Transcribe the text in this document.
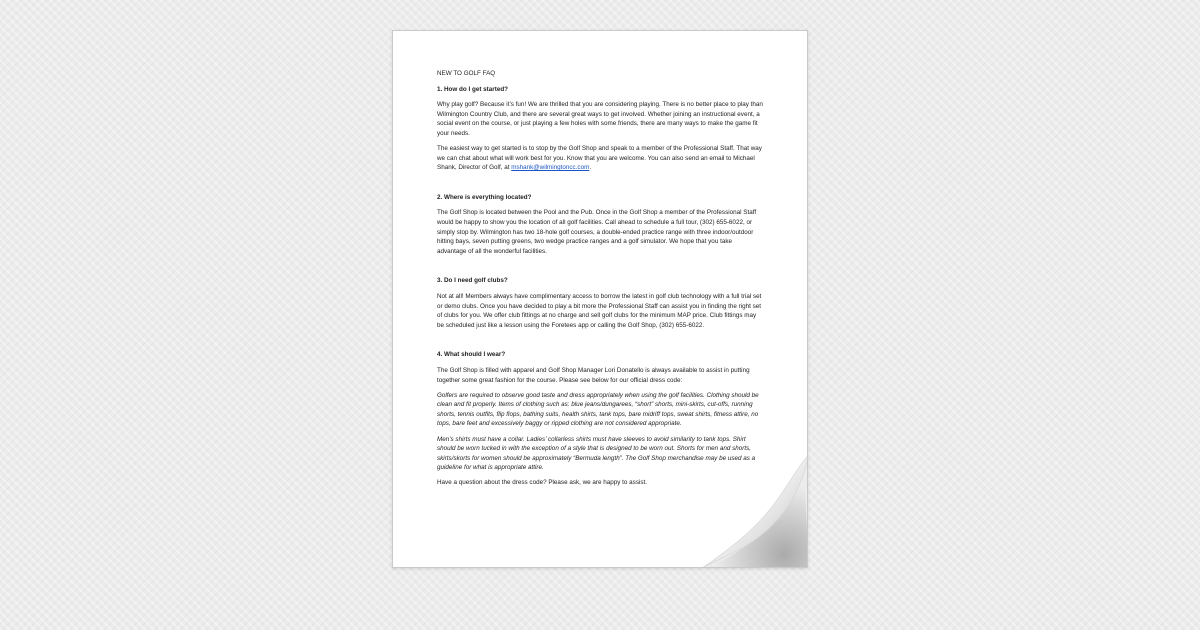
NEW TO GOLF FAQ

1. How do I get started?

Why play golf? Because it’s fun! We are thrilled that you are considering playing. There is no better place to play than Wilmington Country Club, and there are several great ways to get involved. Whether joining an instructional event, a social event on the course, or just playing a few holes with some friends, there are many ways to make the game fit your needs.

The easiest way to get started is to stop by the Golf Shop and speak to a member of the Professional Staff. That way we can chat about what will work best for you. Know that you are welcome. You can also send an email to Michael Shank, Director of Golf, at mshank@wilmingtoncc.com.

2. Where is everything located?

The Golf Shop is located between the Pool and the Pub. Once in the Golf Shop a member of the Professional Staff would be happy to show you the location of all golf facilities. Call ahead to schedule a full tour, (302) 655-6022, or simply stop by. Wilmington has two 18-hole golf courses, a double-ended practice range with three indoor/outdoor hitting bays, seven putting greens, two wedge practice ranges and a golf simulator. We hope that you take advantage of all the wonderful facilities.

3. Do I need golf clubs?

Not at all! Members always have complimentary access to borrow the latest in golf club technology with a full trial set or demo clubs. Once you have decided to play a bit more the Professional Staff can assist you in finding the right set of clubs for you. We offer club fittings at no charge and sell golf clubs for the minimum MAP price. Club fittings may be scheduled just like a lesson using the Foretees app or calling the Golf Shop, (302) 655-6022.

4. What should I wear?

The Golf Shop is filled with apparel and Golf Shop Manager Lori Donatello is always available to assist in putting together some great fashion for the course. Please see below for our official dress code:

Golfers are required to observe good taste and dress appropriately when using the golf facilities. Clothing should be clean and fit properly. Items of clothing such as: blue jeans/dungarees, “short” shorts, mini-skirts, cut-offs, running shorts, tennis outfits, flip flops, bathing suits, health shirts, tank tops, bare midriff tops, sweat shirts, fitness attire, no tops, bare feet and excessively baggy or ripped clothing are not considered appropriate.

Men’s shirts must have a collar. Ladies’ collarless shirts must have sleeves to avoid similarity to tank tops. Shirt should be worn tucked in with the exception of a style that is designed to be worn out. Shorts for men and shorts, skirts/skorts for women should be approximately “Bermuda length”. The Golf Shop merchandise may be used as a guideline for what is appropriate attire.

Have a question about the dress code? Please ask, we are happy to assist.
